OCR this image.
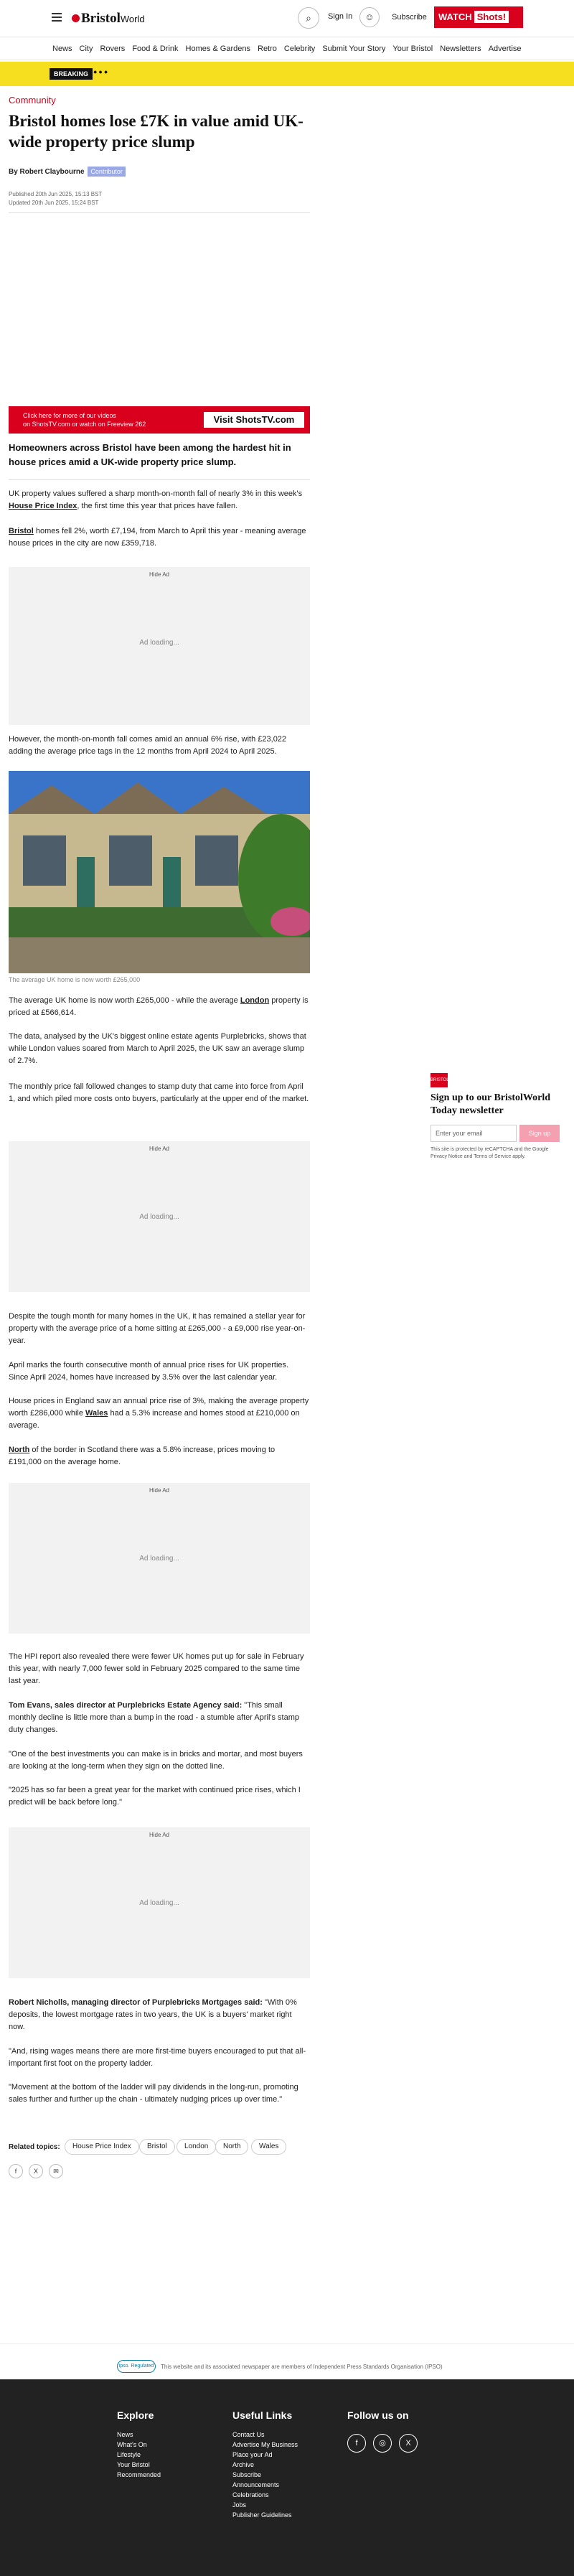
BristolWorld	⌕	Sign In	☺	Subscribe	WATCH Shots!
News City Rovers Food & Drink Homes & Gardens Retro Celebrity Submit Your Story Your Bristol Newsletters Advertise
BREAKING ●●●
Community
Bristol homes lose £7K in value amid UK-wide property price slump
By Robert Claybourne Contributor
Published 20th Jun 2025, 15:13 BST
Updated 20th Jun 2025, 15:24 BST
Click here for more of our videos
on ShotsTV.com or watch on Freeview 262	Visit ShotsTV.com
Homeowners across Bristol have been among the hardest hit in house prices amid a UK-wide property price slump.

UK property values suffered a sharp month-on-month fall of nearly 3% in this week's House Price Index, the first time this year that prices have fallen.

Bristol homes fell 2%, worth £7,194, from March to April this year - meaning average house prices in the city are now £359,718.

Hide Ad
Ad loading...

However, the month-on-month fall comes amid an annual 6% rise, with £23,022 adding the average price tags in the 12 months from April 2024 to April 2025.

The average UK home is now worth £265,000

The average UK home is now worth £265,000 - while the average London property is priced at £566,614.

The data, analysed by the UK's biggest online estate agents Purplebricks, shows that while London values soared from March to April 2025, the UK saw an average slump of 2.7%.

The monthly price fall followed changes to stamp duty that came into force from April 1, and which piled more costs onto buyers, particularly at the upper end of the market.

Hide Ad
Ad loading...

Despite the tough month for many homes in the UK, it has remained a stellar year for property with the average price of a home sitting at £265,000 - a £9,000 rise year-on-year.

April marks the fourth consecutive month of annual price rises for UK properties. Since April 2024, homes have increased by 3.5% over the last calendar year.

House prices in England saw an annual price rise of 3%, making the average property worth £286,000 while Wales had a 5.3% increase and homes stood at £210,000 on average.

North of the border in Scotland there was a 5.8% increase, prices moving to £191,000 on the average home.

Hide Ad
Ad loading...

The HPI report also revealed there were fewer UK homes put up for sale in February this year, with nearly 7,000 fewer sold in February 2025 compared to the same time last year.

Tom Evans, sales director at Purplebricks Estate Agency said: "This small monthly decline is little more than a bump in the road - a stumble after April's stamp duty changes.

"One of the best investments you can make is in bricks and mortar, and most buyers are looking at the long-term when they sign on the dotted line.

"2025 has so far been a great year for the market with continued price rises, which I predict will be back before long."

Hide Ad
Ad loading...

Robert Nicholls, managing director of Purplebricks Mortgages said: "With 0% deposits, the lowest mortgage rates in two years, the UK is a buyers' market right now.

"And, rising wages means there are more first-time buyers encouraged to put that all-important first foot on the property ladder.

"Movement at the bottom of the ladder will pay dividends in the long-run, promoting sales further and further up the chain - ultimately nudging prices up over time."

Related topics:	House Price Index	Bristol	London	North	Wales
f	X	✉
BRISTOL
Sign up to our BristolWorld Today newsletter
Enter your email	Sign up
This site is protected by reCAPTCHA and the Google Privacy Notice and Terms of Service apply.
ipso. Regulated	This website and its associated newspaper are members of Independent Press Standards Organisation (IPSO)
Explore
News
What's On
Lifestyle
Your Bristol
Recommended
Useful Links
Contact Us
Advertise My Business
Place your Ad
Archive
Subscribe
Announcements
Celebrations
Jobs
Publisher Guidelines
Follow us on
f	◎	X
